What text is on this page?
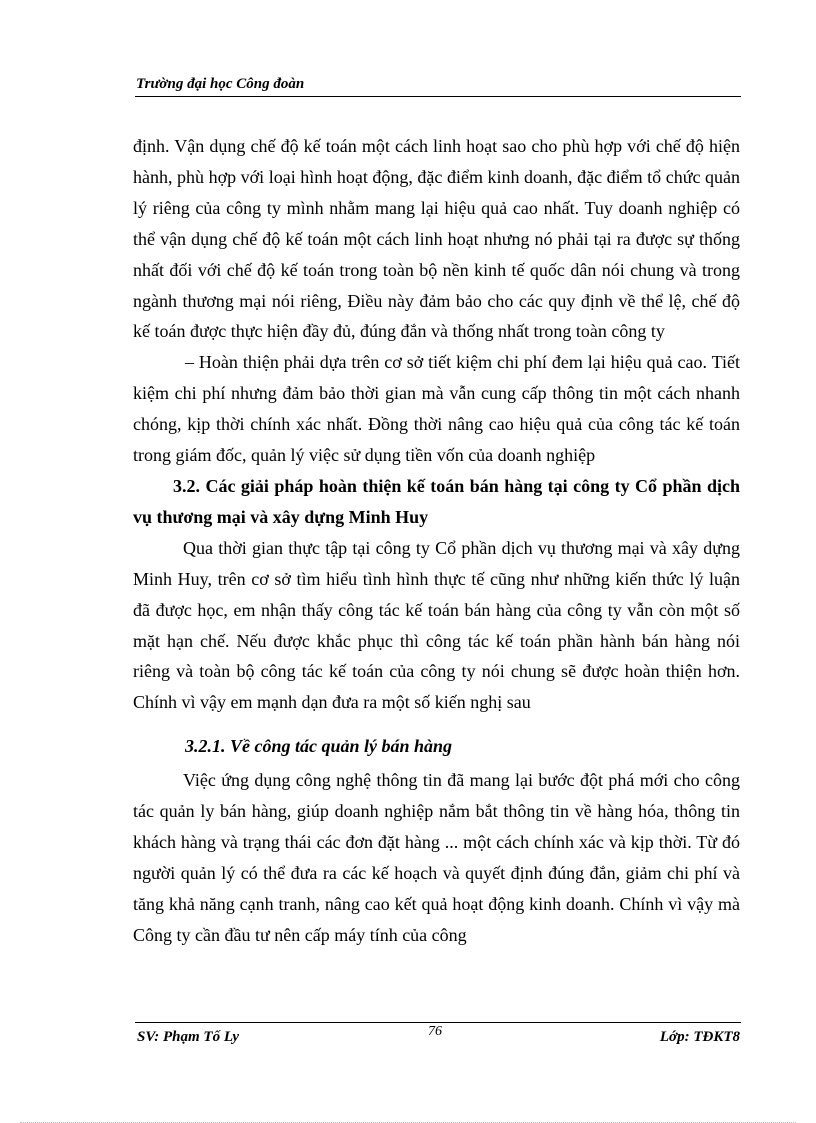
Trường đại học Công đoàn

định. Vận dụng chế độ kế toán một cách linh hoạt sao cho phù hợp với chế độ hiện hành, phù hợp với loại hình hoạt động, đặc điểm kinh doanh, đặc điểm tổ chức quản lý riêng của công ty mình nhằm mang lại hiệu quả cao nhất. Tuy doanh nghiệp có thể vận dụng chế độ kế toán một cách linh hoạt nhưng nó phải tại ra được sự thống nhất đối với chế độ kế toán trong toàn bộ nền kinh tế quốc dân nói chung và trong ngành thương mại nói riêng, Điều này đảm bảo cho các quy định về thể lệ, chế độ kế toán được thực hiện đầy đủ, đúng đắn và thống nhất trong toàn công ty

– Hoàn thiện phải dựa trên cơ sở tiết kiệm chi phí đem lại hiệu quả cao. Tiết kiệm chi phí nhưng đảm bảo thời gian mà vẫn cung cấp thông tin một cách nhanh chóng, kịp thời chính xác nhất. Đồng thời nâng cao hiệu quả của công tác kế toán trong giám đốc, quản lý việc sử dụng tiền vốn của doanh nghiệp

3.2. Các giải pháp hoàn thiện kế toán bán hàng tại công ty Cổ phần dịch vụ thương mại và xây dựng Minh Huy

Qua thời gian thực tập tại công ty Cổ phần dịch vụ thương mại và xây dựng Minh Huy, trên cơ sở tìm hiểu tình hình thực tế cũng như những kiến thức lý luận đã được học, em nhận thấy công tác kế toán bán hàng của công ty vẫn còn một số mặt hạn chế. Nếu được khắc phục thì công tác kế toán phần hành bán hàng nói riêng và toàn bộ công tác kế toán của công ty nói chung sẽ được hoàn thiện hơn. Chính vì vậy em mạnh dạn đưa ra một số kiến nghị sau

3.2.1. Về công tác quản lý bán hàng

Việc ứng dụng công nghệ thông tin đã mang lại bước đột phá mới cho công tác quản ly bán hàng, giúp doanh nghiệp nắm bắt thông tin về hàng hóa, thông tin khách hàng và trạng thái các đơn đặt hàng ... một cách chính xác và kịp thời. Từ đó người quản lý có thể đưa ra các kế hoạch và quyết định đúng đắn, giảm chi phí và tăng khả năng cạnh tranh, nâng cao kết quả hoạt động kinh doanh. Chính vì vậy mà Công ty cần đầu tư nên cấp máy tính của công

SV: Phạm Tố Ly	76	Lớp: TĐKT8
